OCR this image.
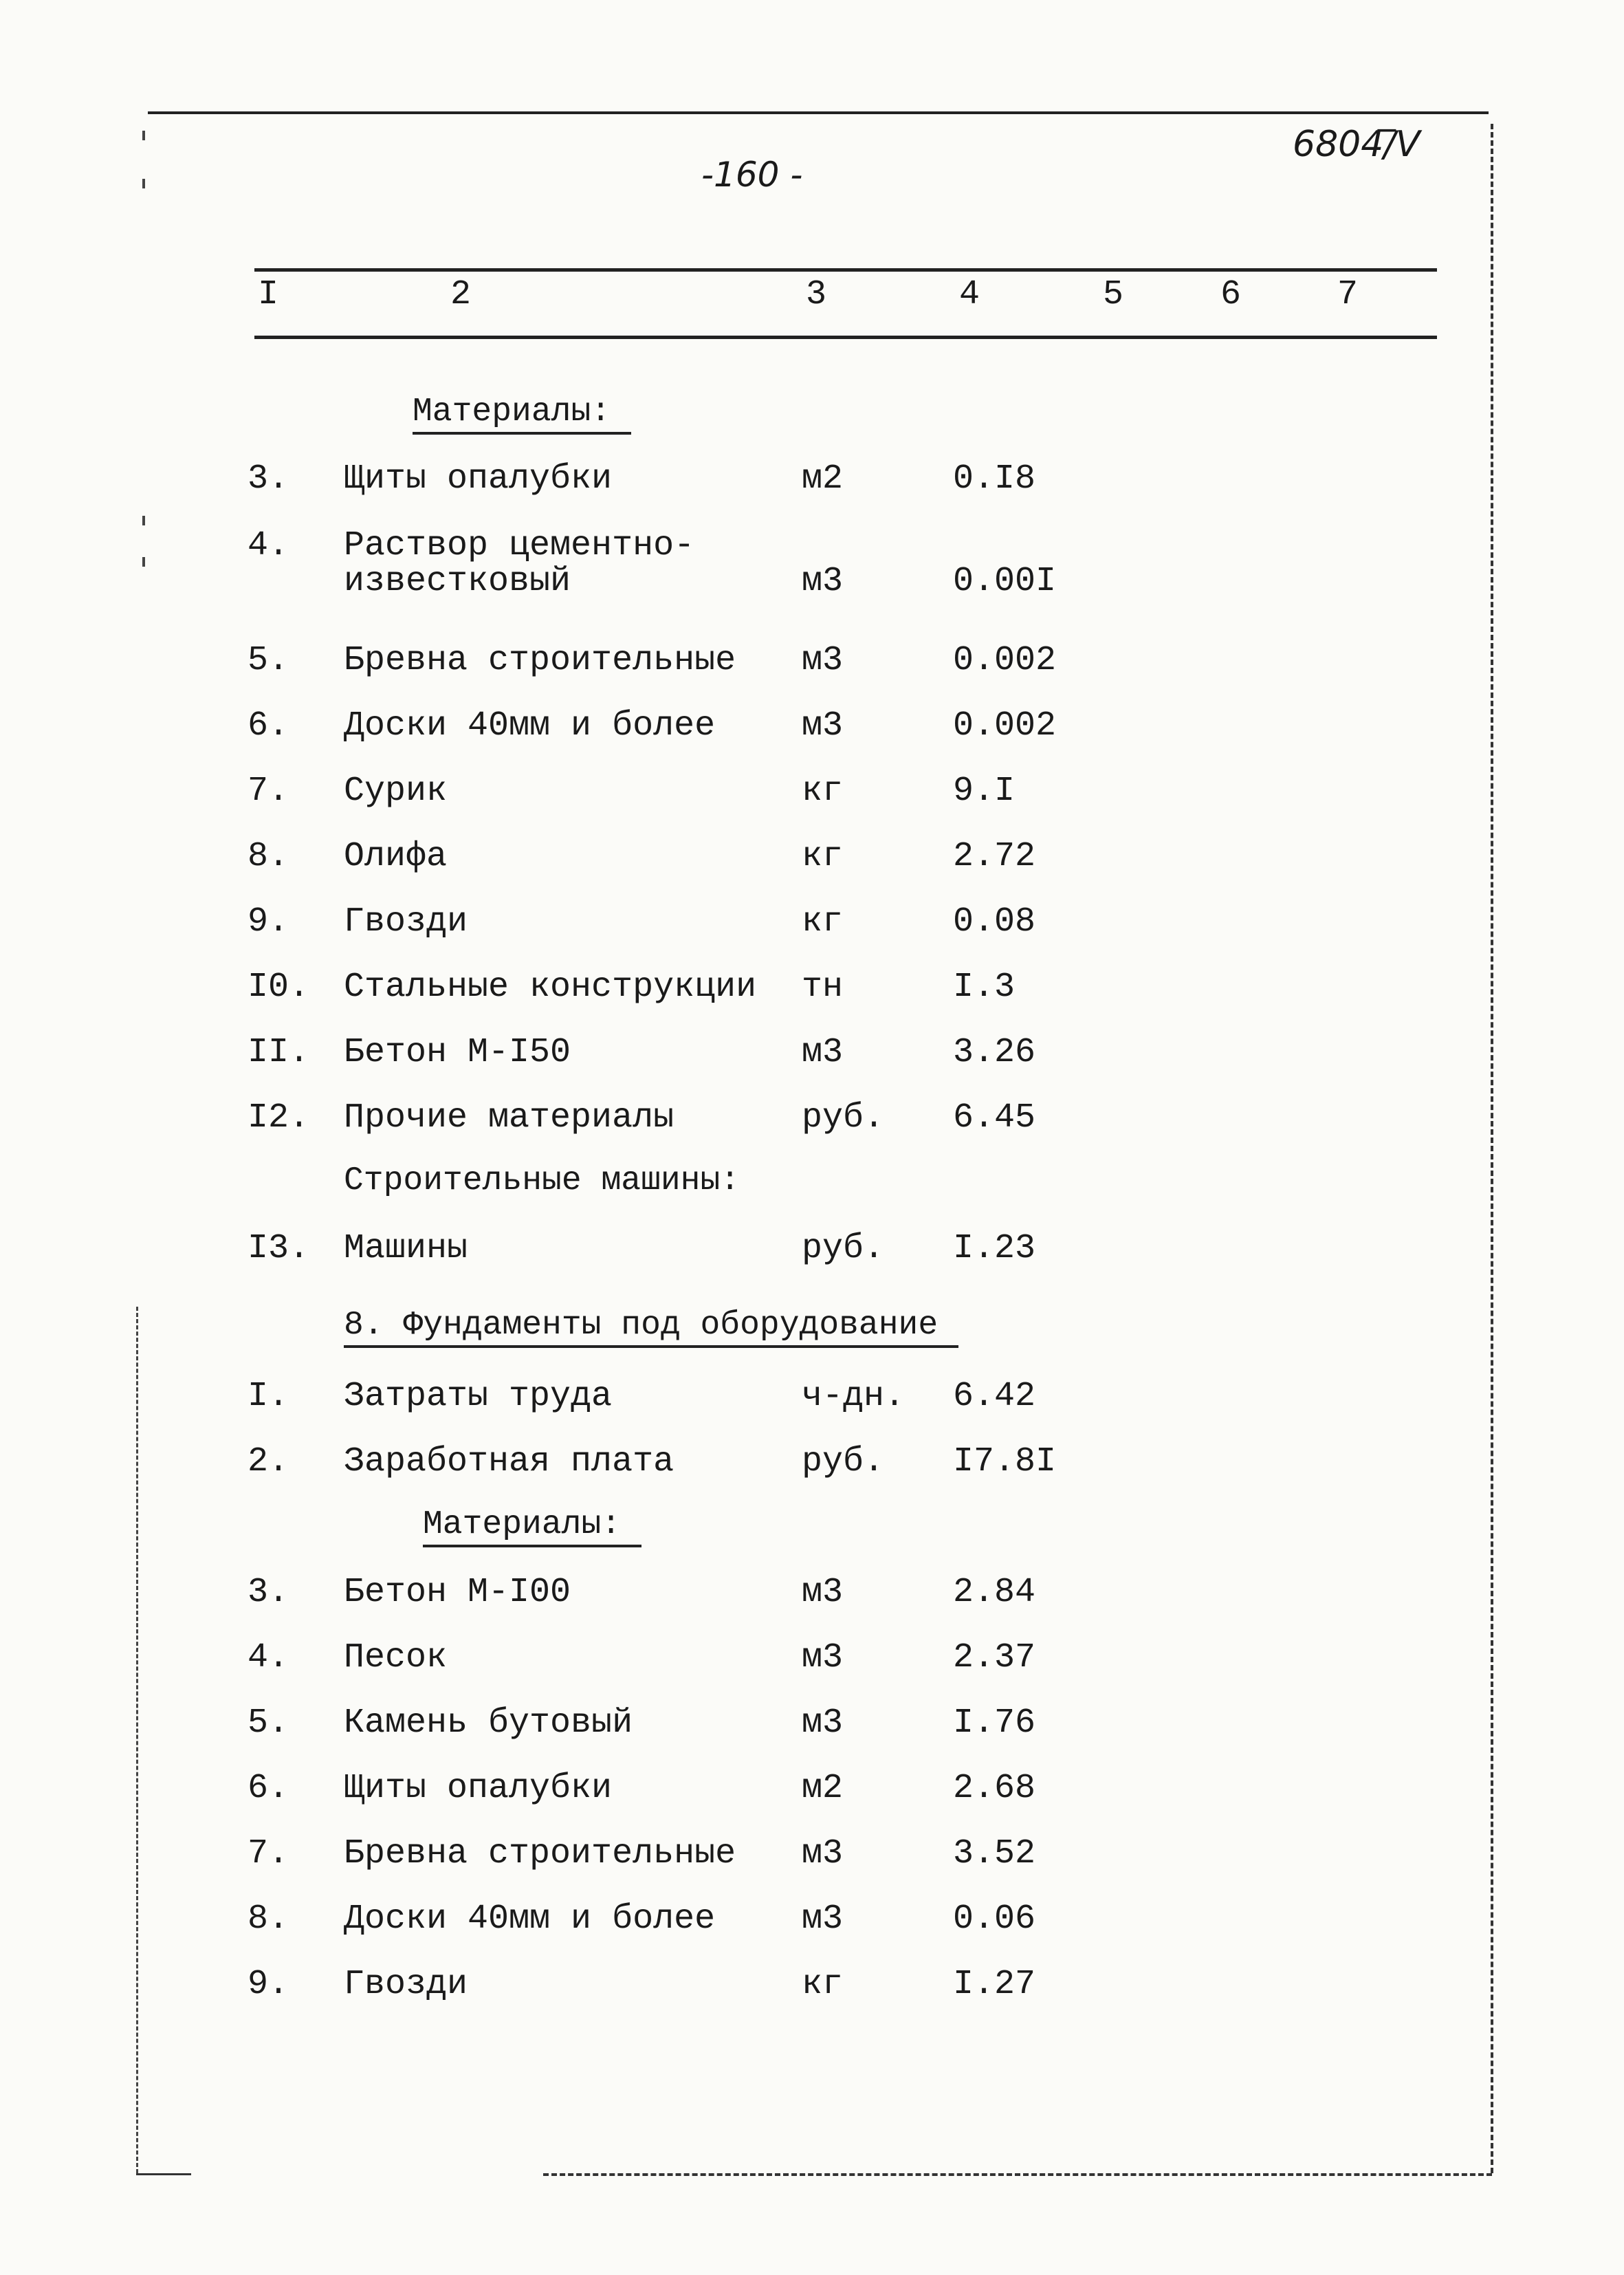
-160 -
6804/̅V
I	2	3	4	5	6	7
Материалы:
3. Щиты опалубки	м2	0.I8
4. Раствор цементно-
известковый	м3	0.00I
5. Бревна строительные м3	0.002
6. Доски 40мм и более	м3	0.002
7. Сурик	кг	9.I
8. Олифа	кг	2.72
9. Гвозди	кг	0.08
I0. Стальные конструкции тн	I.3
II. Бетон М-I50	м3	3.26
I2. Прочие материалы	руб. 6.45
Строительные машины:
I3. Машины	руб. I.23
8. Фундаменты под оборудование
I. Затраты труда	ч-дн. 6.42
2. Заработная плата	руб. I7.8I
Материалы:
3. Бетон М-I00	м3	2.84
4. Песок	м3	2.37
5. Камень бутовый	м3	I.76
6. Щиты опалубки	м2	2.68
7. Бревна строительные м3	3.52
8. Доски 40мм и более	м3	0.06
9. Гвозди	кг	I.27
